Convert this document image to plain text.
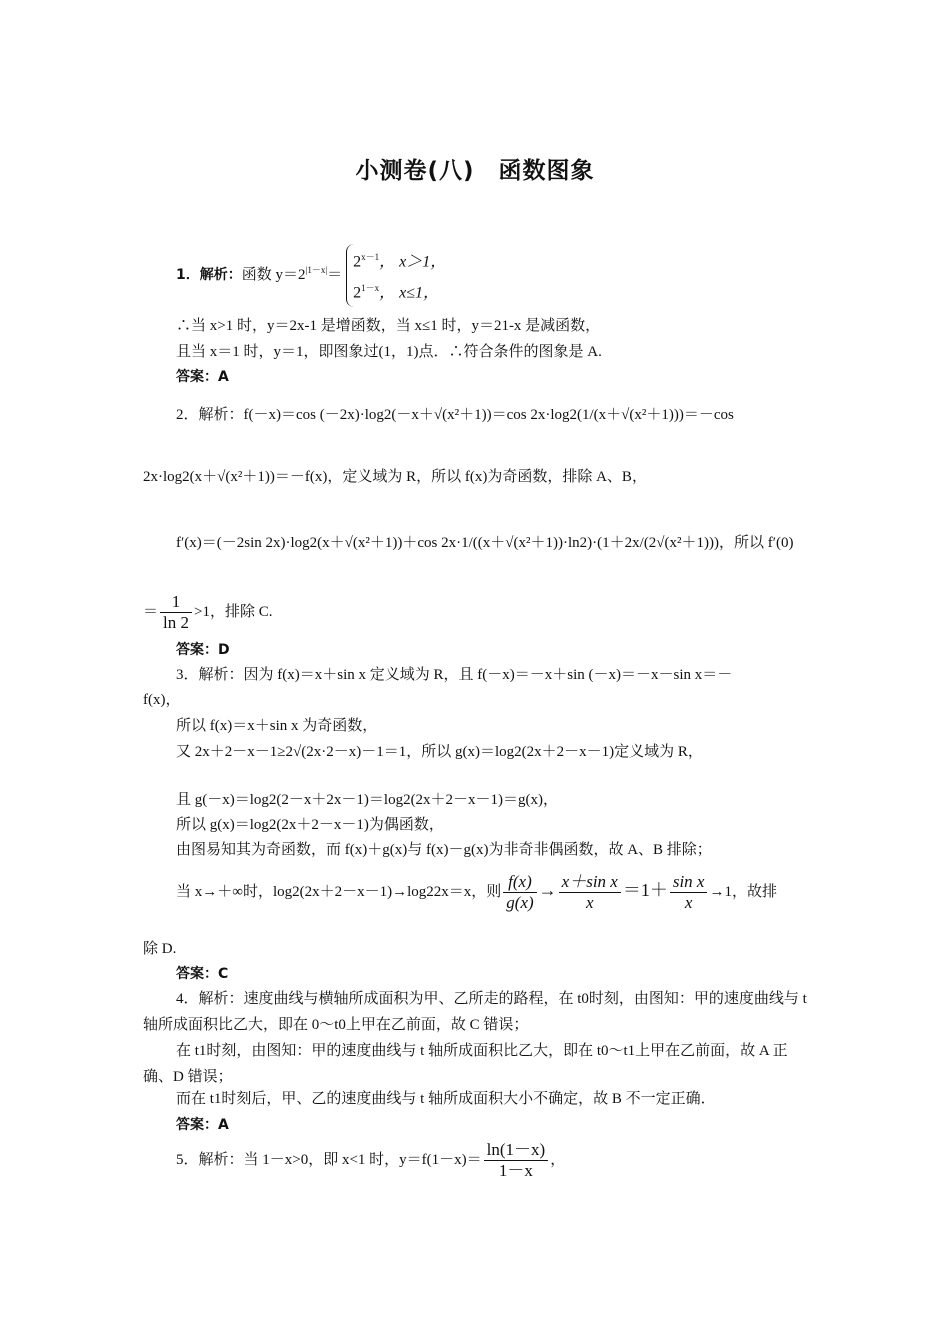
小测卷(八)　函数图象
1．解析：函数 $y=2^{|1-x|}=$
$2^{x-1}$， x＞1，
$2^{1-x}$， x≤1，
∴当 x>1 时，y＝2x-1 是增函数，当 x≤1 时，y＝21-x 是减函数，
且当 x＝1 时，y＝1，即图象过(1，1)点．∴符合条件的图象是 A.
答案：A
2．解析：f(－x)＝cos (－2x)·log2(－x＋√(x²＋1))＝cos 2x·log2(1/(x＋√(x²＋1)))＝－cos
2x·log2(x＋√(x²＋1))＝－f(x)，定义域为 R，所以 f(x)为奇函数，排除 A、B，
f′(x)＝(－2sin 2x)·log2(x＋√(x²＋1))＋cos 2x·1/((x＋√(x²＋1))·ln2)·(1＋2x/(2√(x²＋1)))，所以 f′(0)
＝ $\frac{1}{\ln 2} >1$，排除 C.
答案：D
3．解析：因为 f(x)＝x＋sin x 定义域为 R，且 f(－x)＝－x＋sin (－x)＝－x－sin x＝－
f(x)，
所以 f(x)＝x＋sin x 为奇函数，
又 2x＋2－x－1≥2√(2x·2－x)－1＝1，所以 g(x)＝log2(2x＋2－x－1)定义域为 R，
且 g(－x)＝log2(2－x＋2x－1)＝log2(2x＋2－x－1)＝g(x)，
所以 g(x)＝log2(2x＋2－x－1)为偶函数，
由图易知其为奇函数，而 f(x)＋g(x)与 f(x)－g(x)为非奇非偶函数，故 A、B 排除；
当 x→＋∞时，log2(2x＋2－x－1)→log22x＝x，则 $\frac{f(x)}{g(x)} \to \frac{\text{x＋sin x}}{x} =1+ \frac{\text{sin x}}{x} \to 1$，故排
除 D.
答案：C
4．解析：速度曲线与横轴所成面积为甲、乙所走的路程，在 t0时刻，由图知：甲的速度曲线与 t 轴所成面积比乙大，即在 0～t0上甲在乙前面，故 C 错误；
在 t1时刻，由图知：甲的速度曲线与 t 轴所成面积比乙大，即在 t0～t1上甲在乙前面，故 A 正确、D 错误；
而在 t1时刻后，甲、乙的速度曲线与 t 轴所成面积大小不确定，故 B 不一定正确．
答案：A
5．解析：当 1－x>0，即 x<1 时，$y=f(1-x)= \frac{\ln(1-x)}{1-x}$ ，
